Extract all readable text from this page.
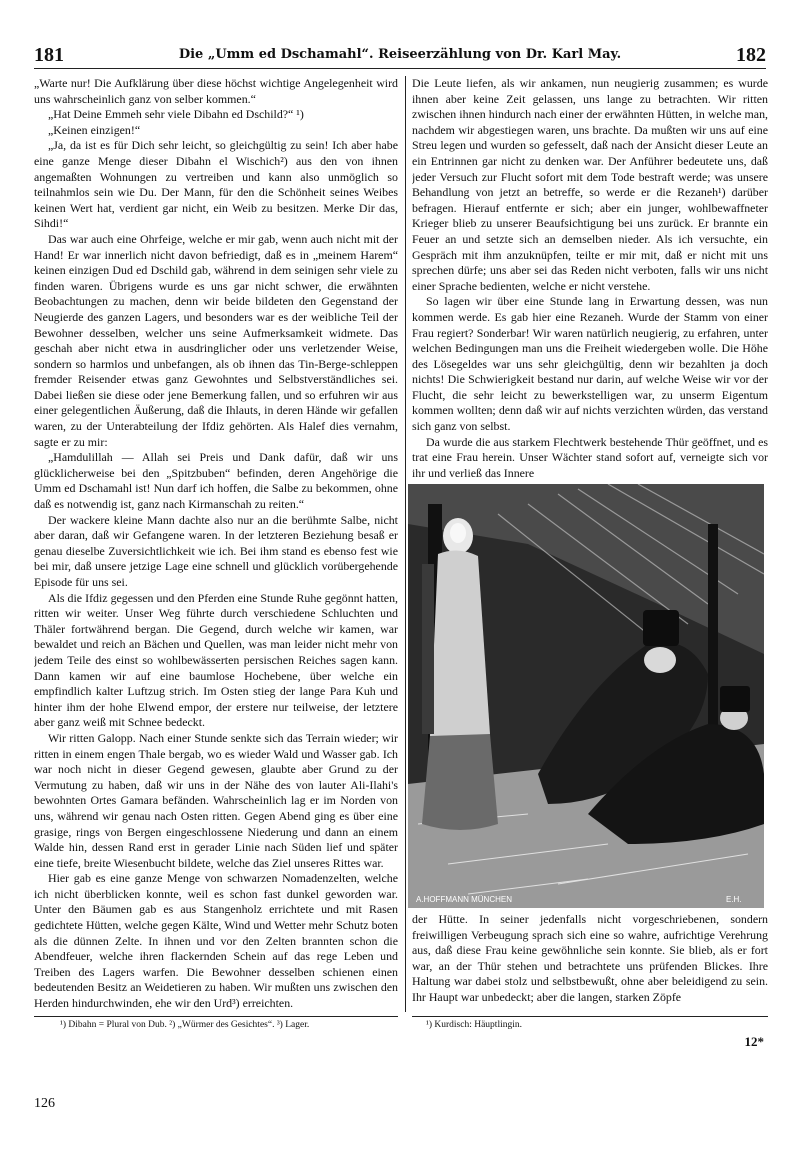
181	Die „Umm ed Dschamahl“. Reiseerzählung von Dr. Karl May.	182

„Warte nur! Die Aufklärung über diese höchst wichtige Angelegenheit wird uns wahrscheinlich ganz von selber kommen.“

„Hat Deine Emmeh sehr viele Dibahn ed Dschild?“ ¹)

„Keinen einzigen!“

„Ja, da ist es für Dich sehr leicht, so gleichgültig zu sein! Ich aber habe eine ganze Menge dieser Dibahn el Wischich²) aus den von ihnen angemaßten Wohnungen zu vertreiben und kann also unmöglich so teilnahmlos sein wie Du. Der Mann, für den die Schönheit seines Weibes keinen Wert hat, verdient gar nicht, ein Weib zu besitzen. Merke Dir das, Sihdi!“

Das war auch eine Ohrfeige, welche er mir gab, wenn auch nicht mit der Hand! Er war innerlich nicht davon befriedigt, daß es in „meinem Harem“ keinen einzigen Dud ed Dschild gab, während in dem seinigen sehr viele zu finden waren. Übrigens wurde es uns gar nicht schwer, die erwähnten Beobachtungen zu machen, denn wir beide bildeten den Gegenstand der Neugierde des ganzen Lagers, und besonders war es der weibliche Teil der Bewohner desselben, welcher uns seine Aufmerksamkeit widmete. Das geschah aber nicht etwa in ausdringlicher oder uns verletzender Weise, sondern so harmlos und unbefangen, als ob ihnen das Tin-Berge-schleppen fremder Reisender etwas ganz Gewohntes und Selbstverständliches sei. Dabei ließen sie diese oder jene Bemerkung fallen, und so erfuhren wir aus einer gelegentlichen Äußerung, daß die Ihlauts, in deren Hände wir gefallen waren, zu der Unterabteilung der Ifdiz gehörten. Als Halef dies vernahm, sagte er zu mir:

„Hamdulillah — Allah sei Preis und Dank dafür, daß wir uns glücklicherweise bei den „Spitzbuben“ befinden, deren Angehörige die Umm ed Dschamahl ist! Nun darf ich hoffen, die Salbe zu bekommen, ohne daß es notwendig ist, ganz nach Kirmanschah zu reiten.“

Der wackere kleine Mann dachte also nur an die berühmte Salbe, nicht aber daran, daß wir Gefangene waren. In der letzteren Beziehung besaß er genau dieselbe Zuversichtlichkeit wie ich. Bei ihm stand es ebenso fest wie bei mir, daß unsere jetzige Lage eine schnell und glücklich vorübergehende Episode für uns sei.

Als die Ifdiz gegessen und den Pferden eine Stunde Ruhe gegönnt hatten, ritten wir weiter. Unser Weg führte durch verschiedene Schluchten und Thäler fortwährend bergan. Die Gegend, durch welche wir kamen, war bewaldet und reich an Bächen und Quellen, was man leider nicht mehr von jedem Teile des einst so wohlbewässerten persischen Reiches sagen kann. Dann kamen wir auf eine baumlose Hochebene, über welche ein empfindlich kalter Luftzug strich. Im Osten stieg der lange Para Kuh und hinter ihm der hohe Elwend empor, der erstere nur teilweise, der letztere aber ganz weiß mit Schnee bedeckt.

Wir ritten Galopp. Nach einer Stunde senkte sich das Terrain wieder; wir ritten in einem engen Thale bergab, wo es wieder Wald und Wasser gab. Ich war noch nicht in dieser Gegend gewesen, glaubte aber Grund zu der Vermutung zu haben, daß wir uns in der Nähe des von lauter Ali-Ilahi's bewohnten Ortes Gamara befänden. Wahrscheinlich lag er im Norden von uns, während wir genau nach Osten ritten. Gegen Abend ging es über eine grasige, rings von Bergen eingeschlossene Niederung und dann an einem Walde hin, dessen Rand erst in gerader Linie nach Süden lief und später eine tiefe, breite Wiesenbucht bildete, welche das Ziel unseres Rittes war.

Hier gab es eine ganze Menge von schwarzen Nomadenzelten, welche ich nicht überblicken konnte, weil es schon fast dunkel geworden war. Unter den Bäumen gab es aus Stangenholz errichtete und mit Rasen gedichtete Hütten, welche gegen Kälte, Wind und Wetter mehr Schutz boten als die dünnen Zelte. In ihnen und vor den Zelten brannten schon die Abendfeuer, welche ihren flackernden Schein auf das rege Leben und Treiben des Lagers warfen. Die Bewohner desselben schienen einen bedeutenden Besitz an Weidetieren zu haben. Wir mußten uns zwischen den Herden hindurchwinden, ehe wir den Urd³) erreichten.

Die Leute liefen, als wir ankamen, nun neugierig zusammen; es wurde ihnen aber keine Zeit gelassen, uns lange zu betrachten. Wir ritten zwischen ihnen hindurch nach einer der erwähnten Hütten, in welche man, nachdem wir abgestiegen waren, uns brachte. Da mußten wir uns auf eine Streu legen und wurden so gefesselt, daß nach der Ansicht dieser Leute an ein Entrinnen gar nicht zu denken war. Der Anführer bedeutete uns, daß jeder Versuch zur Flucht sofort mit dem Tode bestraft werde; was unsere Behandlung von jetzt an betreffe, so werde er die Rezaneh¹) darüber befragen. Hierauf entfernte er sich; aber ein junger, wohlbewaffneter Krieger blieb zu unserer Beaufsichtigung bei uns zurück. Er brannte ein Feuer an und setzte sich an demselben nieder. Als ich versuchte, ein Gespräch mit ihm anzuknüpfen, teilte er mir mit, daß er nicht mit uns sprechen dürfe; uns aber sei das Reden nicht verboten, falls wir uns nicht einer Sprache bedienten, welche er nicht verstehe.

So lagen wir über eine Stunde lang in Erwartung dessen, was nun kommen werde. Es gab hier eine Rezaneh. Wurde der Stamm von einer Frau regiert? Sonderbar! Wir waren natürlich neugierig, zu erfahren, unter welchen Bedingungen man uns die Freiheit wiedergeben wolle. Die Höhe des Lösegeldes war uns sehr gleichgültig, denn wir bezahlten ja doch nichts! Die Schwierigkeit bestand nur darin, auf welche Weise wir vor der Flucht, die sehr leicht zu bewerkstelligen war, zu unserm Eigentum kommen wollten; denn daß wir auf nichts verzichten würden, das verstand sich ganz von selbst.

Da wurde die aus starkem Flechtwerk bestehende Thür geöffnet, und es trat eine Frau herein. Unser Wächter stand sofort auf, verneigte sich vor ihr und verließ das Innere

A.HOFFMANN MÜNCHEN	E.H.

der Hütte. In seiner jedenfalls nicht vorgeschriebenen, sondern freiwilligen Verbeugung sprach sich eine so wahre, aufrichtige Verehrung aus, daß diese Frau keine gewöhnliche sein konnte. Sie blieb, als er fort war, an der Thür stehen und betrachtete uns prüfenden Blickes. Ihre Haltung war dabei stolz und selbstbewußt, ohne aber beleidigend zu sein. Ihr Haupt war unbedeckt; aber die langen, starken Zöpfe

¹) Dibahn = Plural von Dub. ²) „Würmer des Gesichtes“. ³) Lager.	¹) Kurdisch: Häuptlingin.
12*
126
